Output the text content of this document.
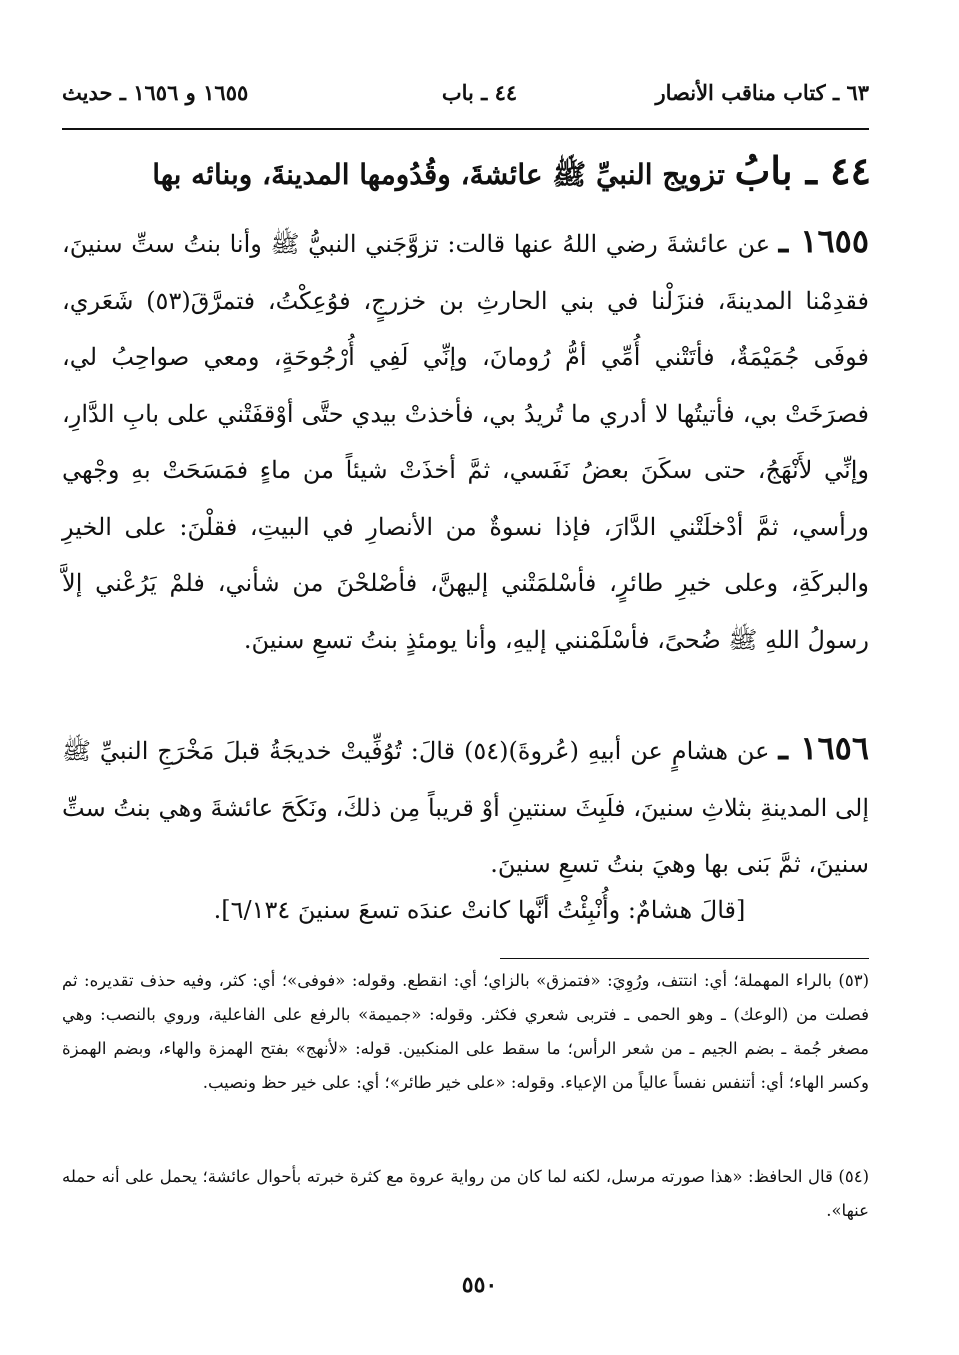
٦٣ ـ كتاب مناقب الأنصار
٤٤ ـ باب
١٦٥٥ و ١٦٥٦ ـ حديث
٤٤ ـ بابُ تزويج النبيِّ ﷺ عائشةَ، وقُدُومها المدينةَ، وبنائه بها
١٦٥٥ ـ عن عائشةَ رضي اللهُ عنها قالت: تزوَّجَني النبيُّ ﷺ وأنا بنتُ ستِّ سنينَ، فقدِمْنا المدينةَ، فنزَلْنا في بني الحارثِ بن خزرجٍ، فوُعِكْتُ، فتمرَّقَ(٥٣) شَعَري، فوفَى جُمَيْمَةٌ، فأتَتْني أُمِّي أمُّ رُومانَ، وإنِّي لَفِي أُرْجُوحَةٍ، ومعي صواحِبُ لي، فصرَخَتْ بي، فأتيتُها لا أدري ما تُريدُ بي، فأخذتْ بيدي حتَّى أوْقفَتْني على بابِ الدَّارِ، وإنِّي لأَنْهَجُ، حتى سكَنَ بعضُ نَفَسي، ثمَّ أخذَتْ شيئاً من ماءٍ فمَسَحَتْ بهِ وجْهي ورأسي، ثمَّ أدْخلَتْني الدَّارَ، فإذا نسوةٌ من الأنصارِ في البيتِ، فقلْنَ: على الخيرِ والبركَةِ، وعلى خيرِ طائرٍ، فأسْلمَتْني إليهنَّ، فأصْلحْنَ من شأني، فلمْ يَرُعْني إلاَّ رسولُ اللهِ ﷺ ضُحىً، فأسْلَمْنني إليهِ، وأنا يومئذٍ بنتُ تسعِ سنينَ.
١٦٥٦ ـ عن هشامٍ عن أبيهِ (عُروةَ)(٥٤) قالَ: تُوُفِّيتْ خديجَةُ قبلَ مَخْرَجِ النبيِّ ﷺ إلى المدينةِ بثلاثِ سنينَ، فلَبِثَ سنتينِ أوْ قريباً مِن ذلكَ، ونَكَحَ عائشةَ وهي بنتُ ستِّ سنينَ، ثمَّ بَنى بها وهيَ بنتُ تسعِ سنينَ.
[قالَ هشامٌ: وأُنْبِئْتُ أنَّها كانتْ عندَه تسعَ سنينَ ٦/١٣٤].
(٥٣) بالراء المهملة؛ أي: انتتف، ورُوِيَ: «فتمزق» بالزاي؛ أي: انقطع. وقوله: «فوفى»؛ أي: كثر، وفيه حذف تقديره: ثم فصلت من (الوعك) ـ وهو الحمى ـ فتربى شعري فكثر. وقوله: «جميمة» بالرفع على الفاعلية، وروي بالنصب: وهي مصغر جُمة ـ بضم الجيم ـ من شعر الرأس؛ ما سقط على المنكبين. قوله: «لأنهج» بفتح الهمزة والهاء، وبضم الهمزة وكسر الهاء؛ أي: أتنفس نفساً عالياً من الإعياء. وقوله: «على خير طائر»؛ أي: على خير حظ ونصيب.
(٥٤) قال الحافظ: «هذا صورته مرسل، لكنه لما كان من رواية عروة مع كثرة خبرته بأحوال عائشة؛ يحمل على أنه حمله عنها».
٥٥٠
